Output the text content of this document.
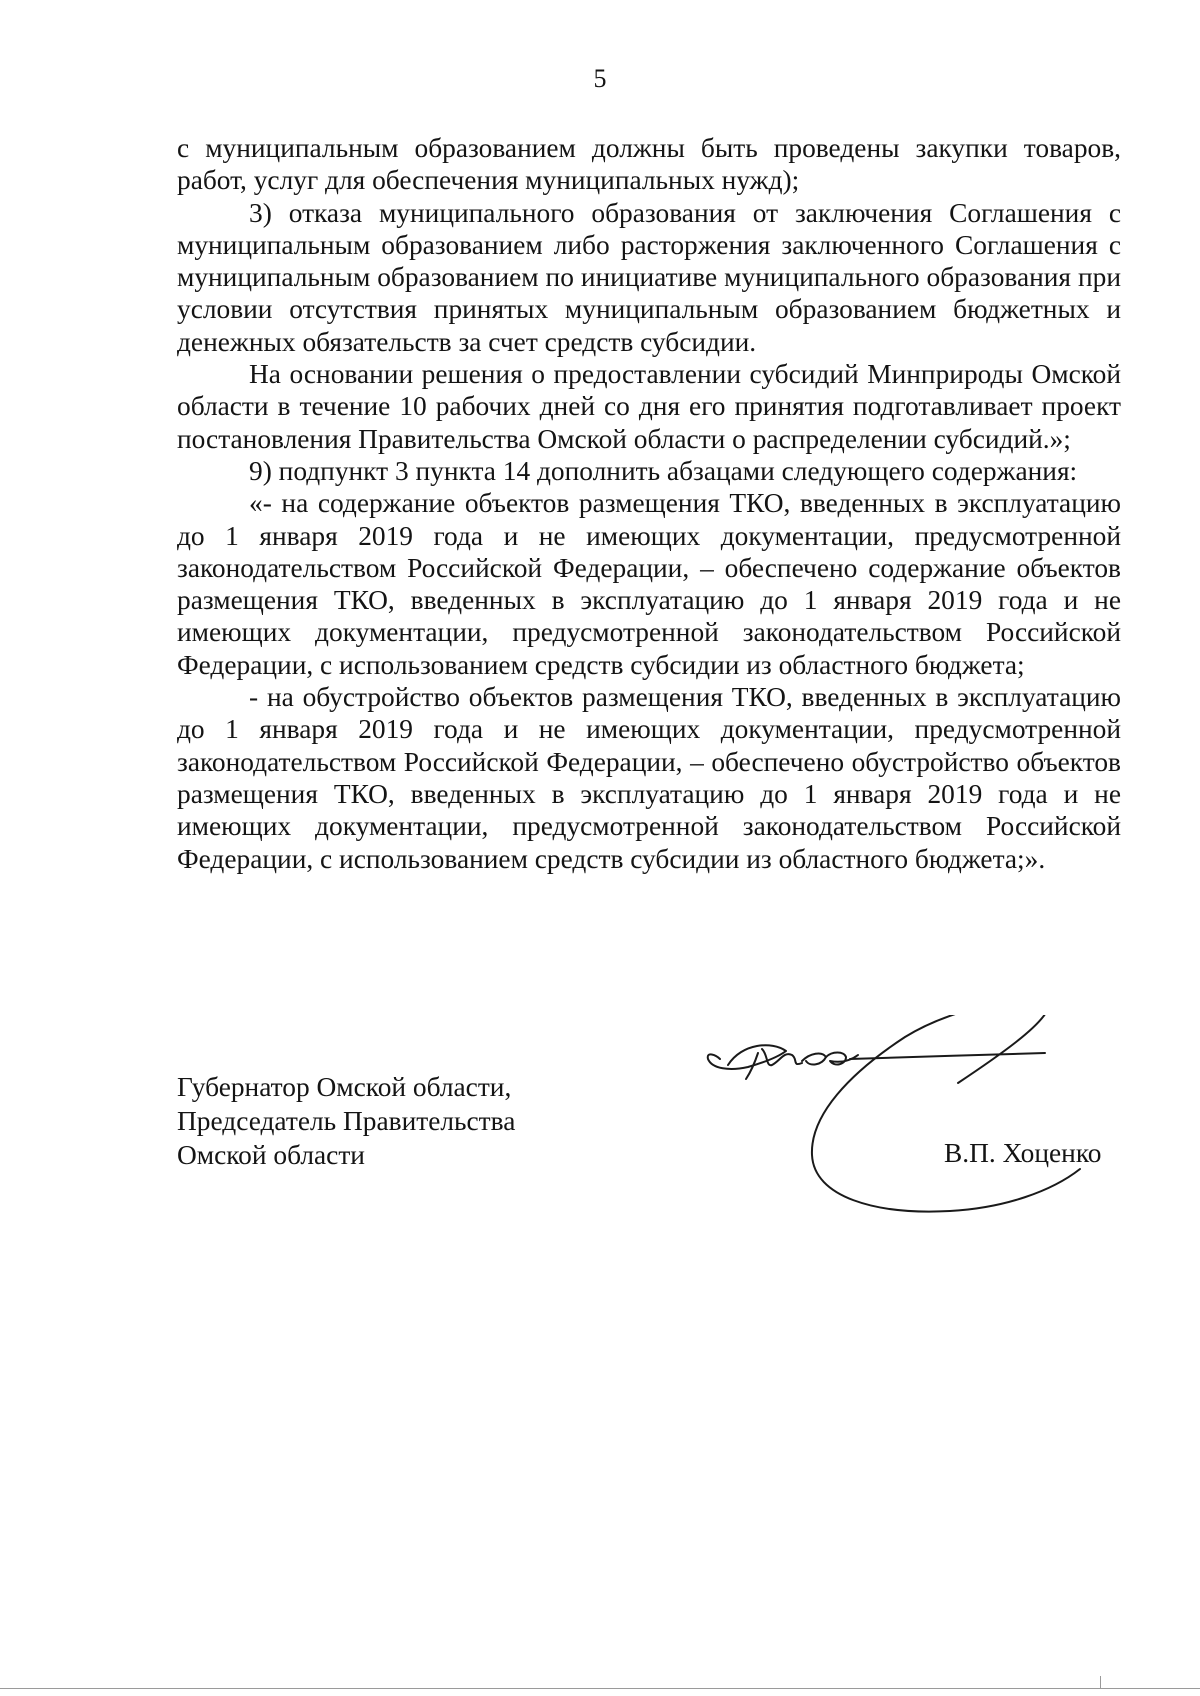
5

с муниципальным образованием должны быть проведены закупки товаров, работ, услуг для обеспечения муниципальных нужд);

3) отказа муниципального образования от заключения Соглашения с муниципальным образованием либо расторжения заключенного Соглашения с муниципальным образованием по инициативе муниципального образования при условии отсутствия принятых муниципальным образованием бюджетных и денежных обязательств за счет средств субсидии.

На основании решения о предоставлении субсидий Минприроды Омской области в течение 10 рабочих дней со дня его принятия подготавливает проект постановления Правительства Омской области о распределении субсидий.»;

9) подпункт 3 пункта 14 дополнить абзацами следующего содержания:

«- на содержание объектов размещения ТКО, введенных в эксплуатацию до 1 января 2019 года и не имеющих документации, предусмотренной законодательством Российской Федерации, – обеспечено содержание объектов размещения ТКО, введенных в эксплуатацию до 1 января 2019 года и не имеющих документации, предусмотренной законодательством Российской Федерации, с использованием средств субсидии из областного бюджета;

- на обустройство объектов размещения ТКО, введенных в эксплуатацию до 1 января 2019 года и не имеющих документации, предусмотренной законодательством Российской Федерации, – обеспечено обустройство объектов размещения ТКО, введенных в эксплуатацию до 1 января 2019 года и не имеющих документации, предусмотренной законодательством Российской Федерации, с использованием средств субсидии из областного бюджета;».

Губернатор Омской области,
Председатель Правительства
Омской области	В.П. Хоценко
